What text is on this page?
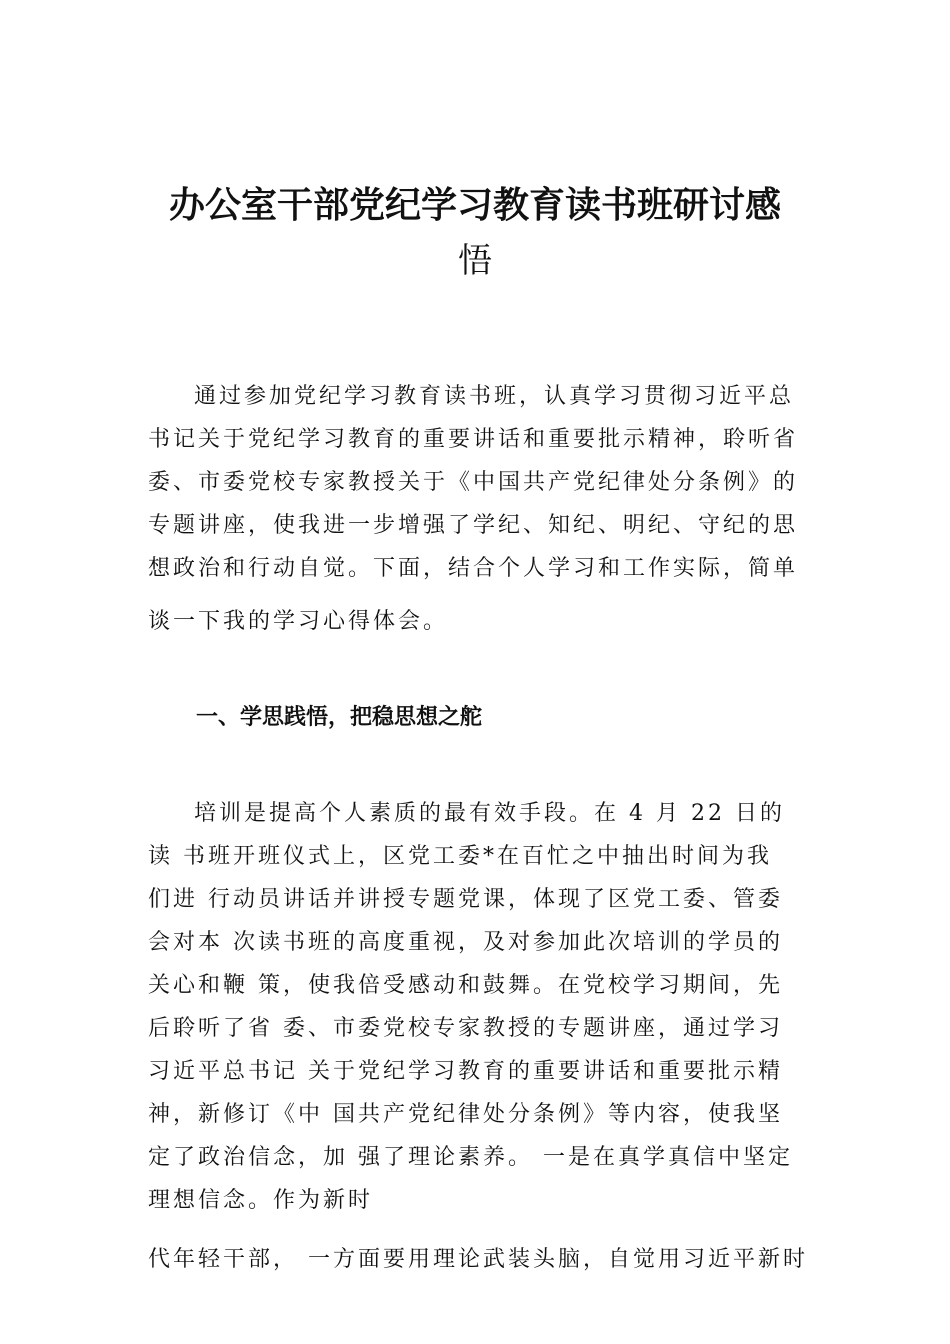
办公室干部党纪学习教育读书班研讨感
悟
通过参加党纪学习教育读书班，认真学习贯彻习近平总
书记关于党纪学习教育的重要讲话和重要批示精神，聆听省
委、市委党校专家教授关于《中国共产党纪律处分条例》的
专题讲座，使我进一步增强了学纪、知纪、明纪、守纪的思
想政治和行动自觉。下面，结合个人学习和工作实际，简单
谈一下我的学习心得体会。
一、学思践悟，把稳思想之舵
培训是提高个人素质的最有效手段。在 4 月 22 日的
读 书班开班仪式上，区党工委*在百忙之中抽出时间为我
们进 行动员讲话并讲授专题党课，体现了区党工委、管委
会对本 次读书班的高度重视，及对参加此次培训的学员的
关心和鞭 策，使我倍受感动和鼓舞。在党校学习期间，先
后聆听了省 委、市委党校专家教授的专题讲座，通过学习
习近平总书记 关于党纪学习教育的重要讲话和重要批示精
神，新修订《中 国共产党纪律处分条例》等内容，使我坚
定了政治信念，加 强了理论素养。 一是在真学真信中坚定
理想信念。作为新时
代年轻干部， 一方面要用理论武装头脑，自觉用习近平新时
